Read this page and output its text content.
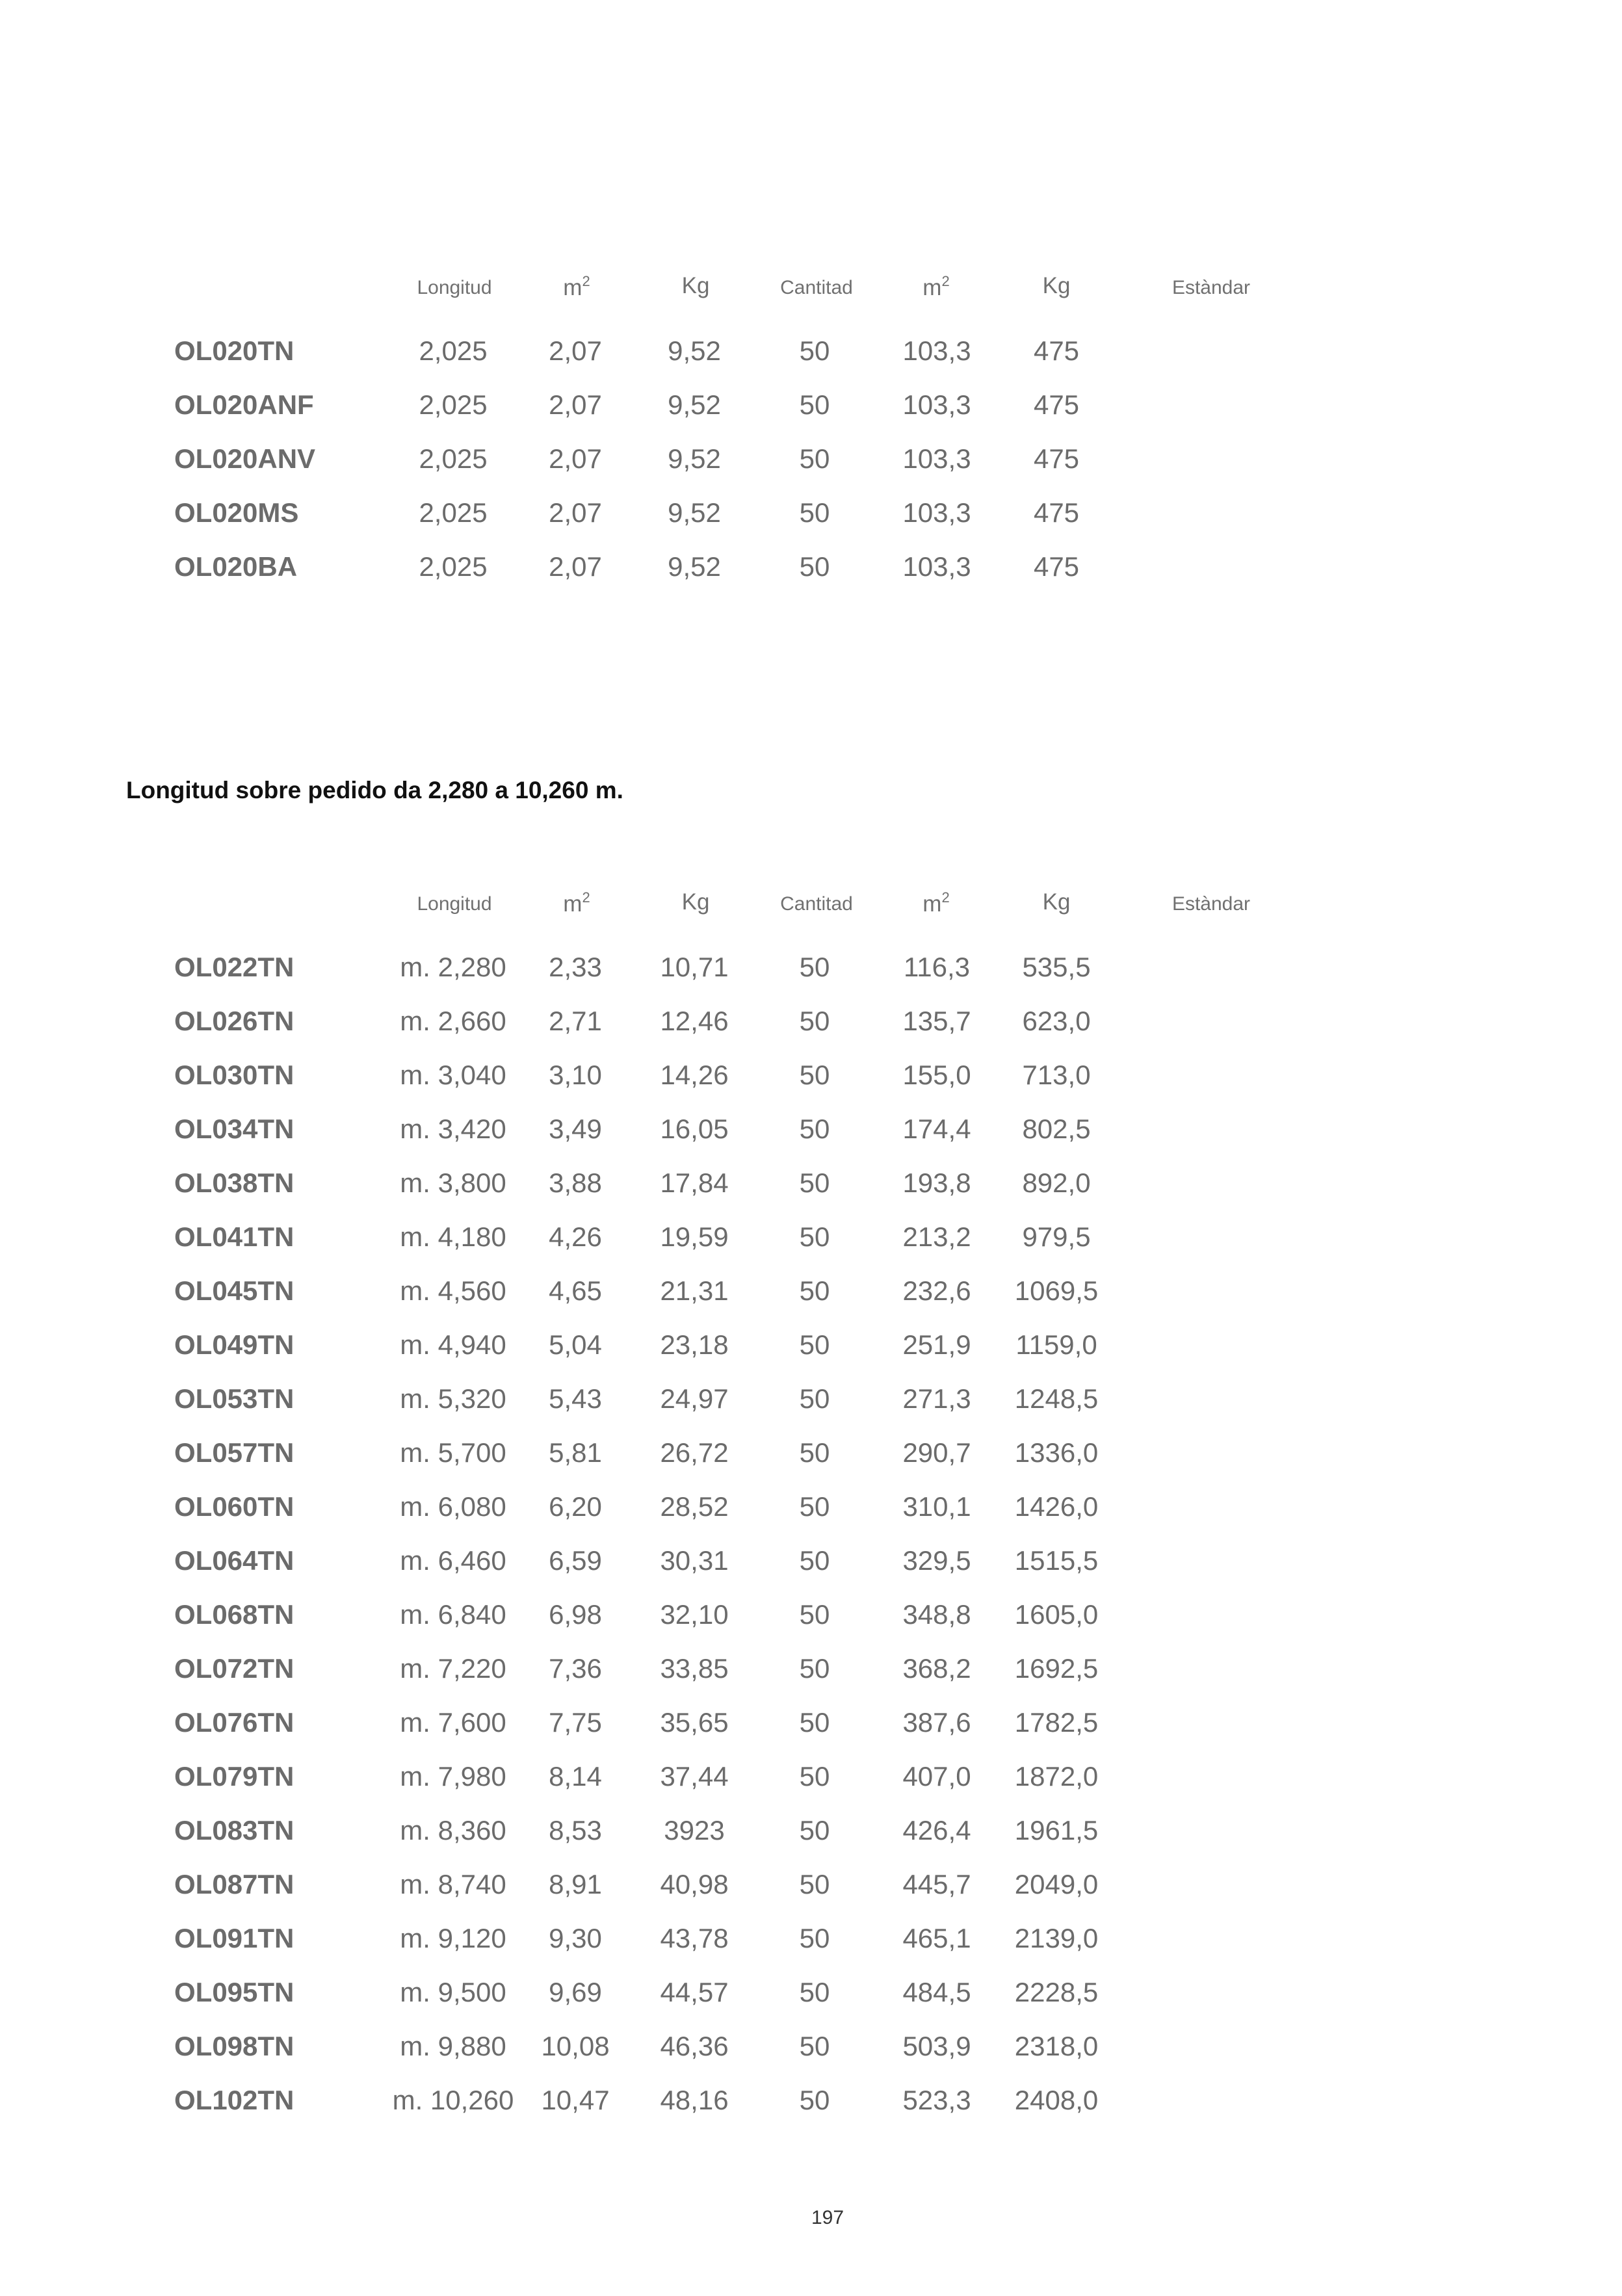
Longitud	$m^2$	Kg	Cantitad	$m^2$	Kg	Estàndar
OL020TN	2,025 2,07 9,52	50	103,3 475
OL020ANF	2,025 2,07 9,52	50	103,3 475
OL020ANV	2,025 2,07 9,52	50	103,3 475
OL020MS	2,025 2,07 9,52	50	103,3 475
OL020BA	2,025 2,07 9,52	50	103,3 475
Longitud sobre pedido da 2,280 a 10,260 m.
Longitud	$m^2$	Kg	Cantitad	$m^2$	Kg	Estàndar
OL022TN	m. 2,280 2,33 10,71	50	116,3 535,5
OL026TN	m. 2,660 2,71 12,46	50	135,7 623,0
OL030TN	m. 3,040 3,10 14,26	50	155,0 713,0
OL034TN	m. 3,420 3,49 16,05	50	174,4 802,5
OL038TN	m. 3,800 3,88 17,84	50	193,8 892,0
OL041TN	m. 4,180 4,26 19,59	50	213,2 979,5
OL045TN	m. 4,560 4,65 21,31	50	232,6 1069,5
OL049TN	m. 4,940 5,04 23,18	50	251,9 1159,0
OL053TN	m. 5,320 5,43 24,97	50	271,3 1248,5
OL057TN	m. 5,700 5,81 26,72	50	290,7 1336,0
OL060TN	m. 6,080 6,20 28,52	50	310,1 1426,0
OL064TN	m. 6,460 6,59 30,31	50	329,5 1515,5
OL068TN	m. 6,840 6,98 32,10	50	348,8 1605,0
OL072TN	m. 7,220 7,36 33,85	50	368,2 1692,5
OL076TN	m. 7,600 7,75 35,65	50	387,6 1782,5
OL079TN	m. 7,980 8,14 37,44	50	407,0 1872,0
OL083TN	m. 8,360 8,53 3923	50	426,4 1961,5
OL087TN	m. 8,740 8,91 40,98	50	445,7 2049,0
OL091TN	m. 9,120 9,30 43,78	50	465,1 2139,0
OL095TN	m. 9,500 9,69 44,57	50	484,5 2228,5
OL098TN	m. 9,880 10,08 46,36	50	503,9 2318,0
OL102TN	m. 10,260 10,47 48,16	50	523,3 2408,0
197
